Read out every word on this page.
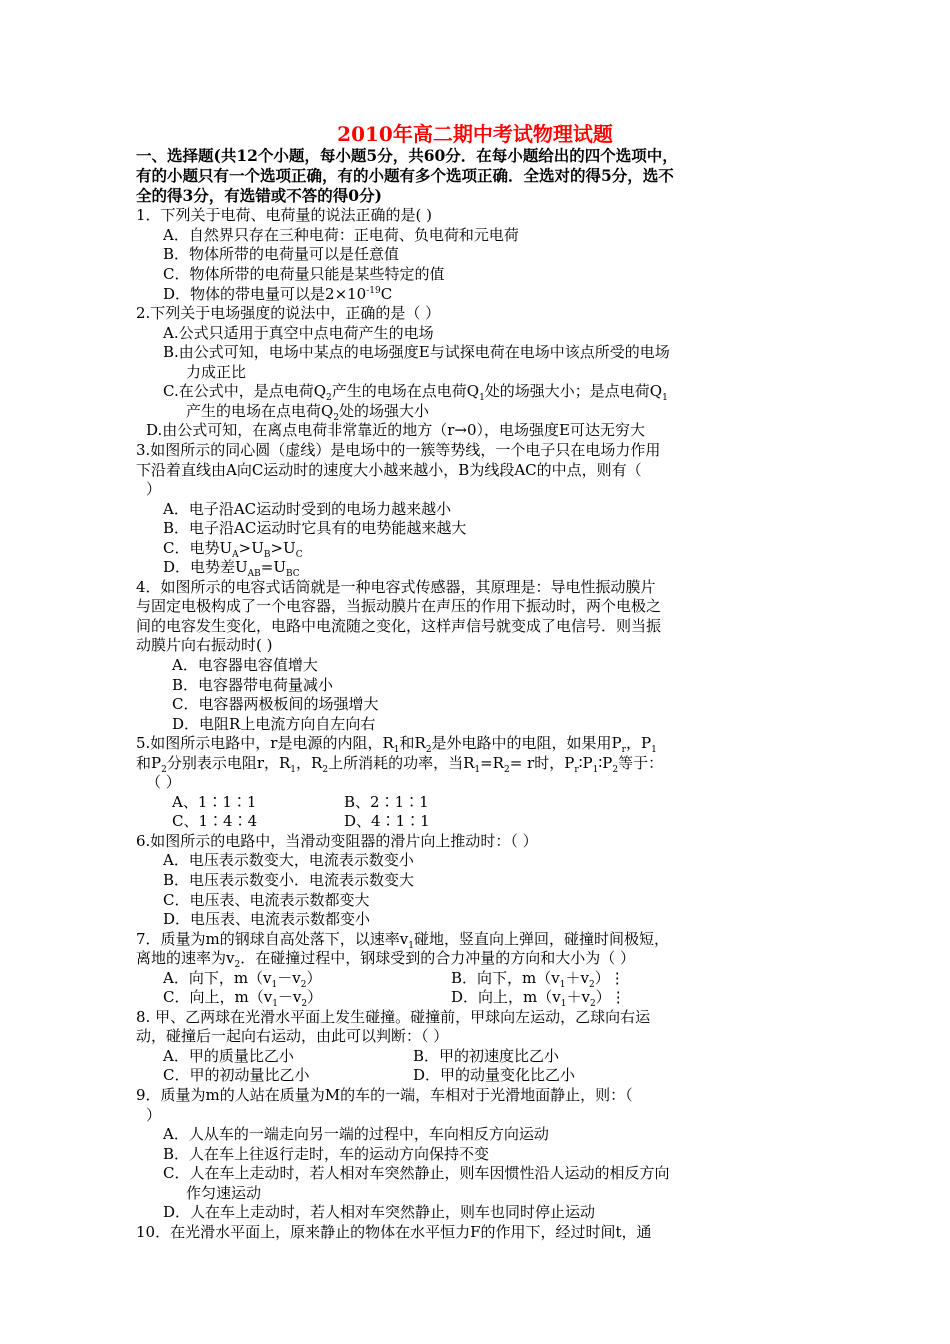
2010年高二期中考试物理试题
一、选择题(共12个小题，每小题5分，共60分．在每小题给出的四个选项中，
有的小题只有一个选项正确，有的小题有多个选项正确．全选对的得5分，选不
全的得3分，有选错或不答的得0分)
1．下列关于电荷、电荷量的说法正确的是( )
A．自然界只存在三种电荷：正电荷、负电荷和元电荷
B．物体所带的电荷量可以是任意值
C．物体所带的电荷量只能是某些特定的值
D．物体的带电量可以是$2\times 10^{-19}C$
2.下列关于电场强度的说法中，正确的是（ ）
A.公式只适用于真空中点电荷产生的电场
B.由公式可知，电场中某点的电场强度E与试探电荷在电场中该点所受的电场
力成正比
C.在公式中，是点电荷$Q_2$产生的电场在点电荷$Q_1$处的场强大小；是点电荷$Q_1$
产生的电场在点电荷$Q_2$处的场强大小
D.由公式可知，在离点电荷非常靠近的地方（r→0），电场强度E可达无穷大
3.如图所示的同心圆（虚线）是电场中的一簇等势线，一个电子只在电场力作用
下沿着直线由A向C运动时的速度大小越来越小，B为线段AC的中点，则有（
）
A．电子沿AC运动时受到的电场力越来越小
B．电子沿AC运动时它具有的电势能越来越大
C．电势$U_A>U_B>U_C$
D．电势差$U_{AB}=U_{BC}$
4．如图所示的电容式话筒就是一种电容式传感器，其原理是：导电性振动膜片
与固定电极构成了一个电容器，当振动膜片在声压的作用下振动时，两个电极之
间的电容发生变化，电路中电流随之变化，这样声信号就变成了电信号．则当振
动膜片向右振动时( )
A．电容器电容值增大
B．电容器带电荷量减小
C．电容器两极板间的场强增大
D．电阻R上电流方向自左向右
5.如图所示电路中，r是电源的内阻，$R_1$和$R_2$是外电路中的电阻，如果用$P_r$，$P_1$
和$P_2$分别表示电阻r，$R_1$，$R_2$上所消耗的功率，当$R_1=R_2= r$时，$P_r∶P_1∶P_2$等于：
（ ）
A、1∶1∶1	B、2∶1∶1
C、1∶4∶4	D、4∶1∶1
6.如图所示的电路中，当滑动变阻器的滑片向上推动时：（ ）
A．电压表示数变大，电流表示数变小
B．电压表示数变小．电流表示数变大
C．电压表、电流表示数都变大
D．电压表、电流表示数都变小
7．质量为m的钢球自高处落下，以速率$v_1$碰地，竖直向上弹回，碰撞时间极短，
离地的速率为$v_2$．在碰撞过程中，钢球受到的合力冲量的方向和大小为（ ）
A．向下，$m(v_1-v_2)$	B．向下，$m(v_1+v_2)⋮$
C．向上，$m(v_1-v_2)$	D．向上，$m(v_1+v_2)⋮$
8. 甲、乙两球在光滑水平面上发生碰撞。碰撞前，甲球向左运动，乙球向右运
动，碰撞后一起向右运动，由此可以判断：（ ）
A．甲的质量比乙小	B．甲的初速度比乙小
C．甲的初动量比乙小	D．甲的动量变化比乙小
9．质量为m的人站在质量为M的车的一端，车相对于光滑地面静止，则：（
）
A．人从车的一端走向另一端的过程中，车向相反方向运动
B．人在车上往返行走时，车的运动方向保持不变
C．人在车上走动时，若人相对车突然静止，则车因惯性沿人运动的相反方向
作匀速运动
D．人在车上走动时，若人相对车突然静止，则车也同时停止运动
10．在光滑水平面上，原来静止的物体在水平恒力F的作用下，经过时间t，通
